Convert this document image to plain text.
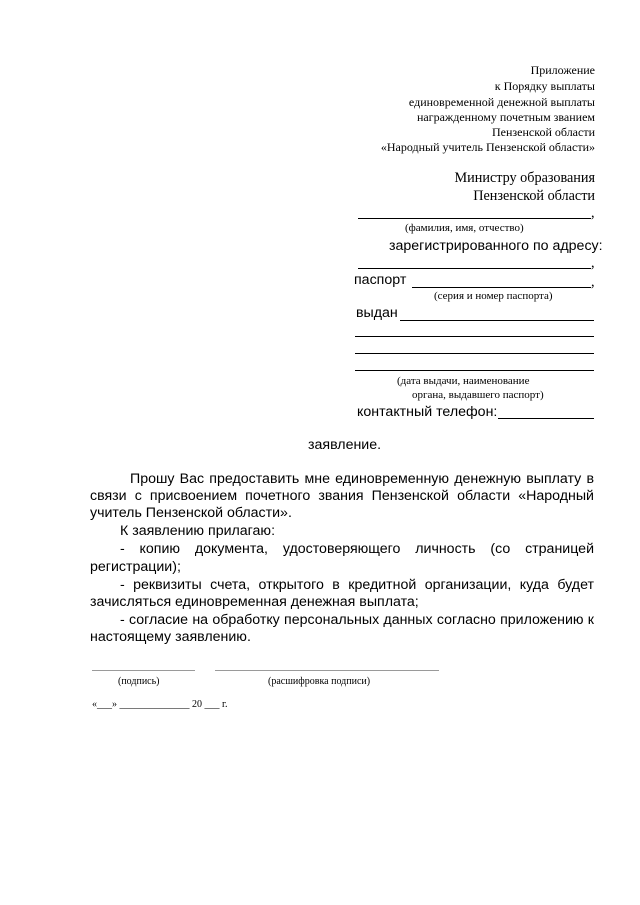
Приложение
к Порядку выплаты
единовременной денежной выплаты
награжденному почетным званием
Пензенской области
«Народный учитель Пензенской области»
Министру образования
Пензенской области
,
(фамилия, имя, отчество)
зарегистрированного по адресу:
,
паспорт	,
(серия и номер паспорта)
выдан
(дата выдачи, наименование
органа, выдавшего паспорт)
контактный телефон:
заявление.
Прошу Вас предоставить мне единовременную денежную выплату в
связи с присвоением почетного звания Пензенской области «Народный
учитель Пензенской области».
К заявлению прилагаю:
- копию документа, удостоверяющего личность (со страницей
регистрации);
- реквизиты счета, открытого в кредитной организации, куда будет
зачисляться единовременная денежная выплата;
- согласие на обработку персональных данных согласно приложению к
настоящему заявлению.
(подпись)	(расшифровка подписи)
«___» ______________ 20 ___ г.
